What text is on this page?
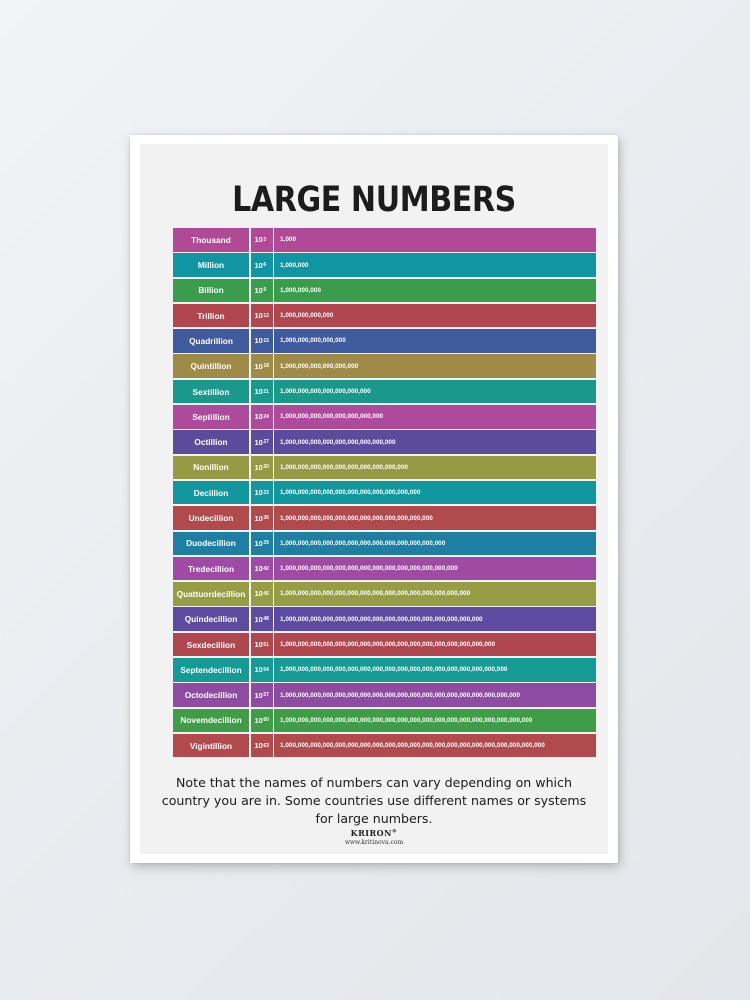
LARGE NUMBERS
Thousand	10 3	1,000
Million	10 6	1,000,000
Billion	10 9	1,000,000,000
Trillion	10 12	1,000,000,000,000
Quadrillion	10 15	1,000,000,000,000,000
Quintillion	10 18	1,000,000,000,000,000,000
Sextillion	10 21	1,000,000,000,000,000,000,000
Septillion	10 24	1,000,000,000,000,000,000,000,000
Octillion	10 27	1,000,000,000,000,000,000,000,000,000
Nonillion	10 30	1,000,000,000,000,000,000,000,000,000,000
Decillion	10 33	1,000,000,000,000,000,000,000,000,000,000,000
Undecillion	10 36	1,000,000,000,000,000,000,000,000,000,000,000,000
Duodecillion	10 39	1,000,000,000,000,000,000,000,000,000,000,000,000,000
Tredecillion	10 42	1,000,000,000,000,000,000,000,000,000,000,000,000,000,000
Quattuordecillion	10 45	1,000,000,000,000,000,000,000,000,000,000,000,000,000,000,000
Quindecillion	10 48	1,000,000,000,000,000,000,000,000,000,000,000,000,000,000,000,000
Sexdecillion	10 51	1,000,000,000,000,000,000,000,000,000,000,000,000,000,000,000,000,000
Septendecillion	10 54	1,000,000,000,000,000,000,000,000,000,000,000,000,000,000,000,000,000,000
Octodecillion	10 57	1,000,000,000,000,000,000,000,000,000,000,000,000,000,000,000,000,000,000,000
Novemdecillion	10 60	1,000,000,000,000,000,000,000,000,000,000,000,000,000,000,000,000,000,000,000,000
Vigintillion	10 63	1,000,000,000,000,000,000,000,000,000,000,000,000,000,000,000,000,000,000,000,000,000
Note that the names of numbers can vary depending on which country you are in. Some countries use different names or systems for large numbers.
KRIRON®
www.kritinova.com
